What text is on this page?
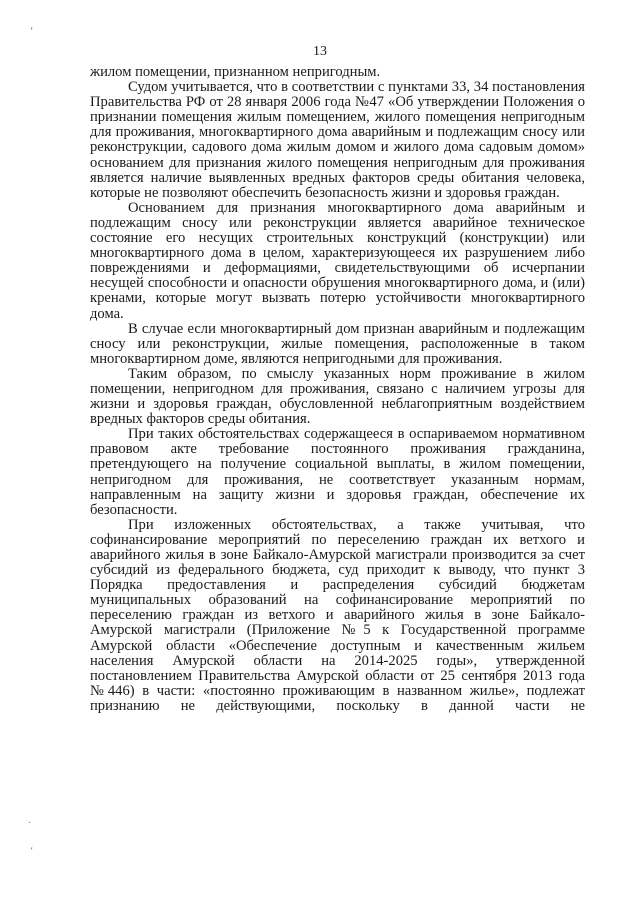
13
ʻ
·
ʻ

жилом помещении, признанном непригодным.

Судом учитывается, что в соответствии с пунктами 33, 34 постановления Правительства РФ от 28 января 2006 года №47 «Об утверждении Положения о признании помещения жилым помещением, жилого помещения непригодным для проживания, многоквартирного дома аварийным и подлежащим сносу или реконструкции, садового дома жилым домом и жилого дома садовым домом» основанием для признания жилого помещения непригодным для проживания является наличие выявленных вредных факторов среды обитания человека, которые не позволяют обеспечить безопасность жизни и здоровья граждан.

Основанием для признания многоквартирного дома аварийным и подлежащим сносу или реконструкции является аварийное техническое состояние его несущих строительных конструкций (конструкции) или многоквартирного дома в целом, характеризующееся их разрушением либо повреждениями и деформациями, свидетельствующими об исчерпании несущей способности и опасности обрушения многоквартирного дома, и (или) кренами, которые могут вызвать потерю устойчивости многоквартирного дома.

В случае если многоквартирный дом признан аварийным и подлежащим сносу или реконструкции, жилые помещения, расположенные в таком многоквартирном доме, являются непригодными для проживания.

Таким образом, по смыслу указанных норм проживание в жилом помещении, непригодном для проживания, связано с наличием угрозы для жизни и здоровья граждан, обусловленной неблагоприятным воздействием вредных факторов среды обитания.

При таких обстоятельствах содержащееся в оспариваемом нормативном правовом акте требование постоянного проживания гражданина, претендующего на получение социальной выплаты, в жилом помещении, непригодном для проживания, не соответствует указанным нормам, направленным на защиту жизни и здоровья граждан, обеспечение их безопасности.

При изложенных обстоятельствах, а также учитывая, что софинансирование мероприятий по переселению граждан их ветхого и аварийного жилья в зоне Байкало-Амурской магистрали производится за счет субсидий из федерального бюджета, суд приходит к выводу, что пункт 3 Порядка предоставления и распределения субсидий бюджетам муниципальных образований на софинансирование мероприятий по переселению граждан из ветхого и аварийного жилья в зоне Байкало-Амурской магистрали (Приложение №5 к Государственной программе Амурской области «Обеспечение доступным и качественным жильем населения Амурской области на 2014-2025 годы», утвержденной постановлением Правительства Амурской области от 25 сентября 2013 года №446) в части: «постоянно проживающим в названном жилье», подлежат признанию не действующими, поскольку в данной части не
